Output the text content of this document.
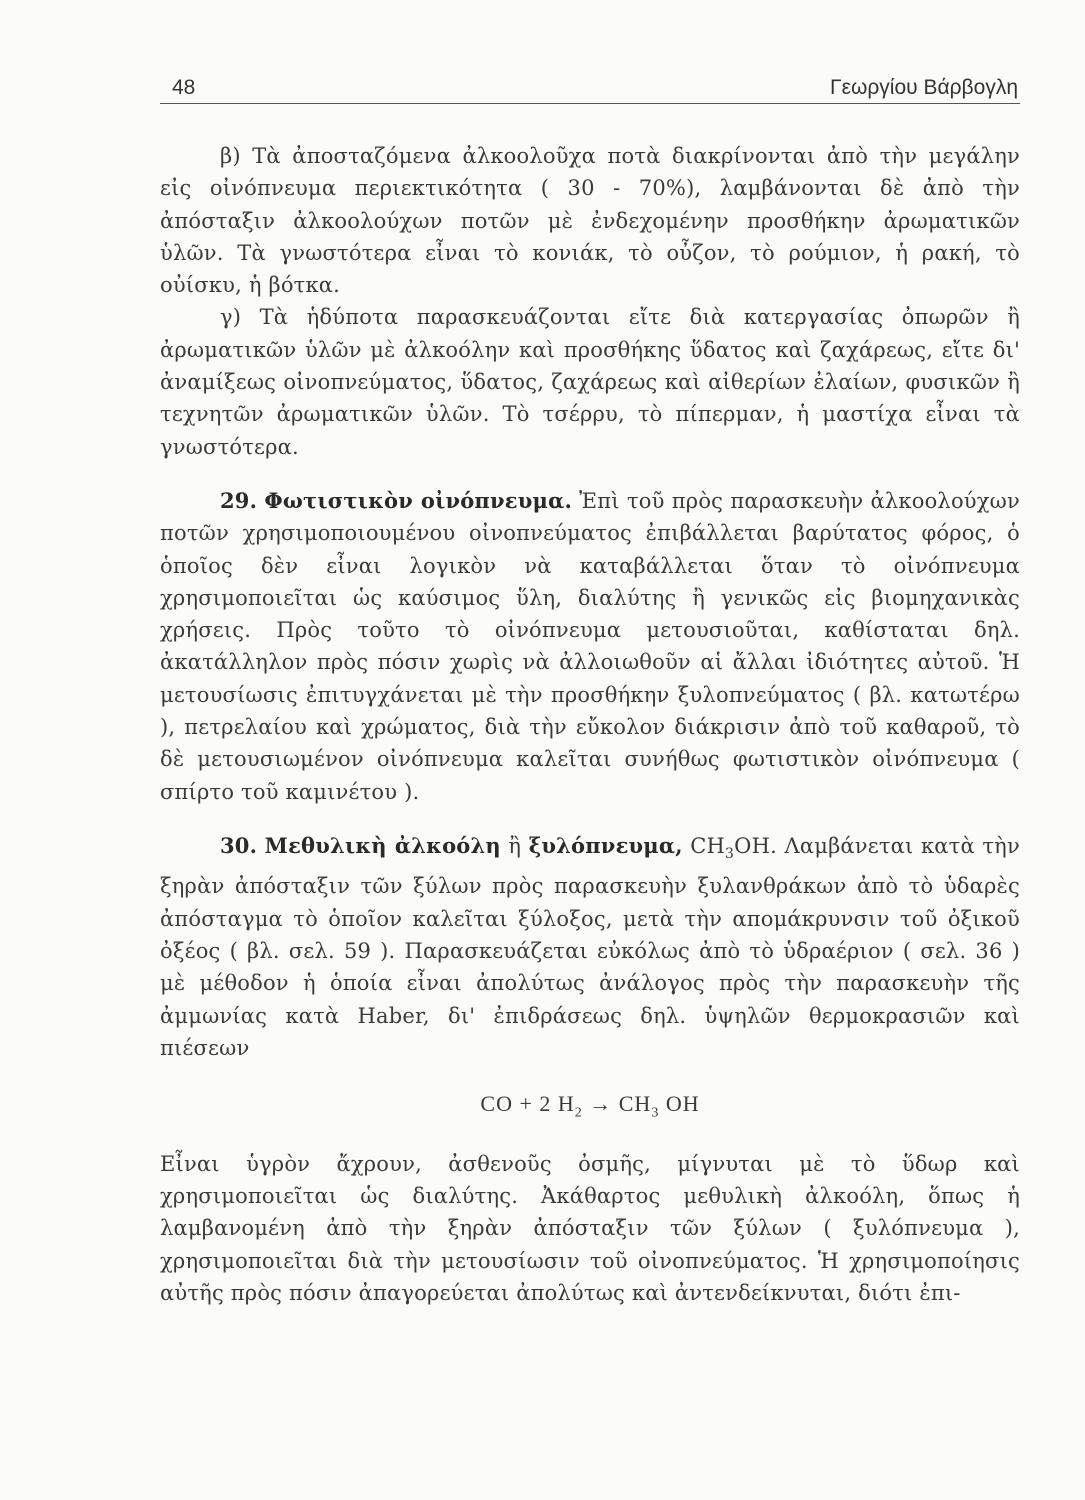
48	Γεωργίου Βάρβογλη

β) Τὰ ἀποσταζόμενα ἀλκοολοῦχα ποτὰ διακρίνονται ἀπὸ τὴν μεγάλην εἰς οἰνόπνευμα περιεκτικότητα ( 30 - 70%), λαμβάνονται δὲ ἀπὸ τὴν ἀπόσταξιν ἀλκοολούχων ποτῶν μὲ ἐνδεχομένην προσθήκην ἀρωματικῶν ὑλῶν. Τὰ γνωστότερα εἶναι τὸ κονιάκ, τὸ οὖζον, τὸ ρούμιον, ἡ ρακή, τὸ οὐίσκυ, ἡ βότκα.

γ) Τὰ ἡδύποτα παρασκευάζονται εἴτε διὰ κατεργασίας ὀπωρῶν ἢ ἀρωματικῶν ὑλῶν μὲ ἀλκοόλην καὶ προσθήκης ὕδατος καὶ ζαχάρεως, εἴτε δι' ἀναμίξεως οἰνοπνεύματος, ὕδατος, ζαχάρεως καὶ αἰθερίων ἐλαίων, φυσικῶν ἢ τεχνητῶν ἀρωματικῶν ὑλῶν. Τὸ τσέρρυ, τὸ πίπερμαν, ἡ μαστίχα εἶναι τὰ γνωστότερα.

29. Φωτιστικὸν οἰνόπνευμα. Ἐπὶ τοῦ πρὸς παρασκευὴν ἀλκοολούχων ποτῶν χρησιμοποιουμένου οἰνοπνεύματος ἐπιβάλλεται βαρύτατος φόρος, ὁ ὁποῖος δὲν εἶναι λογικὸν νὰ καταβάλλεται ὅταν τὸ οἰνόπνευμα χρησιμοποιεῖται ὡς καύσιμος ὕλη, διαλύτης ἢ γενικῶς εἰς βιομηχανικὰς χρήσεις. Πρὸς τοῦτο τὸ οἰνόπνευμα μετουσιοῦται, καθίσταται δηλ. ἀκατάλληλον πρὸς πόσιν χωρὶς νὰ ἀλλοιωθοῦν αἱ ἄλλαι ἰδιότητες αὐτοῦ. Ἡ μετουσίωσις ἐπιτυγχάνεται μὲ τὴν προσθήκην ξυλοπνεύματος ( βλ. κατωτέρω ), πετρελαίου καὶ χρώματος, διὰ τὴν εὔκολον διάκρισιν ἀπὸ τοῦ καθαροῦ, τὸ δὲ μετουσιωμένον οἰνόπνευμα καλεῖται συνήθως φωτιστικὸν οἰνόπνευμα ( σπίρτο τοῦ καμινέτου ).

30. Μεθυλικὴ ἀλκοόλη ἢ ξυλόπνευμα, $CH_3OH$. Λαμβάνεται κατὰ τὴν ξηρὰν ἀπόσταξιν τῶν ξύλων πρὸς παρασκευὴν ξυλανθράκων ἀπὸ τὸ ὑδαρὲς ἀπόσταγμα τὸ ὁποῖον καλεῖται ξύλοξος, μετὰ τὴν απομάκρυνσιν τοῦ ὀξικοῦ ὀξέος ( βλ. σελ. 59 ). Παρασκευάζεται εὐκόλως ἀπὸ τὸ ὑδραέριον ( σελ. 36 ) μὲ μέθοδον ἡ ὁποία εἶναι ἀπολύτως ἀνάλογος πρὸς τὴν παρασκευὴν τῆς ἀμμωνίας κατὰ Haber, δι' ἐπιδράσεως δηλ. ὑψηλῶν θερμοκρασιῶν καὶ πιέσεων

CO + 2 $H_2 \to CH_3$ OH

Εἶναι ὑγρὸν ἄχρουν, ἀσθενοῦς ὀσμῆς, μίγνυται μὲ τὸ ὕδωρ καὶ χρησιμοποιεῖται ὡς διαλύτης. Ἀκάθαρτος μεθυλικὴ ἀλκοόλη, ὅπως ἡ λαμβανομένη ἀπὸ τὴν ξηρὰν ἀπόσταξιν τῶν ξύλων ( ξυλόπνευμα ), χρησιμοποιεῖται διὰ τὴν μετουσίωσιν τοῦ οἰνοπνεύματος. Ἡ χρησιμοποίησις αὐτῆς πρὸς πόσιν ἀπαγορεύεται ἀπολύτως καὶ ἀντενδείκνυται, διότι ἐπι-
